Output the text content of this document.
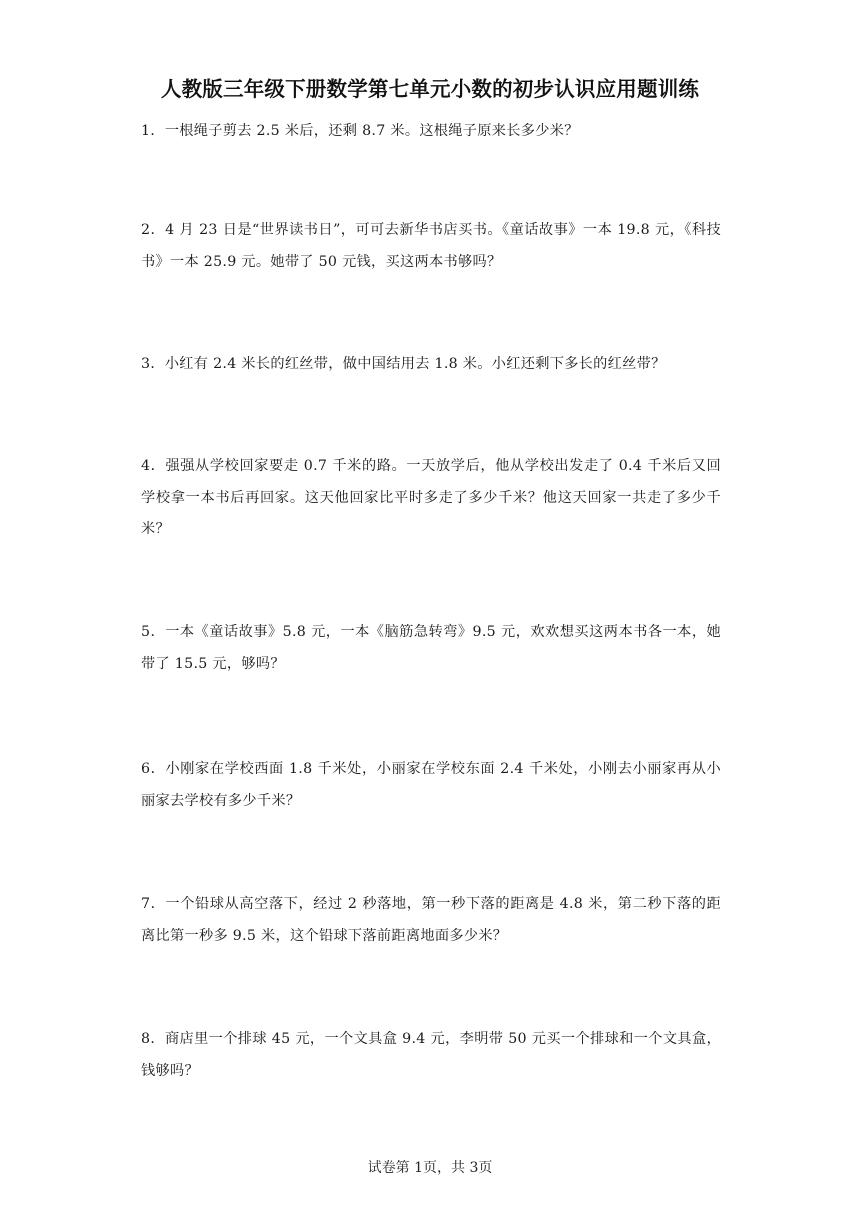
人教版三年级下册数学第七单元小数的初步认识应用题训练
1．一根绳子剪去 2.5 米后，还剩 8.7 米。这根绳子原来长多少米？
2．4 月 23 日是“世界读书日”，可可去新华书店买书。《童话故事》一本 19.8 元，《科技书》一本 25.9 元。她带了 50 元钱，买这两本书够吗？
3．小红有 2.4 米长的红丝带，做中国结用去 1.8 米。小红还剩下多长的红丝带？
4．强强从学校回家要走 0.7 千米的路。一天放学后，他从学校出发走了 0.4 千米后又回学校拿一本书后再回家。这天他回家比平时多走了多少千米？他这天回家一共走了多少千米？
5．一本《童话故事》5.8 元，一本《脑筋急转弯》9.5 元，欢欢想买这两本书各一本，她带了 15.5 元，够吗？
6．小刚家在学校西面 1.8 千米处，小丽家在学校东面 2.4 千米处，小刚去小丽家再从小丽家去学校有多少千米？
7．一个铅球从高空落下，经过 2 秒落地，第一秒下落的距离是 4.8 米，第二秒下落的距离比第一秒多 9.5 米，这个铅球下落前距离地面多少米？
8．商店里一个排球 45 元，一个文具盒 9.4 元，李明带 50 元买一个排球和一个文具盒，钱够吗？
试卷第 1页，共 3页
